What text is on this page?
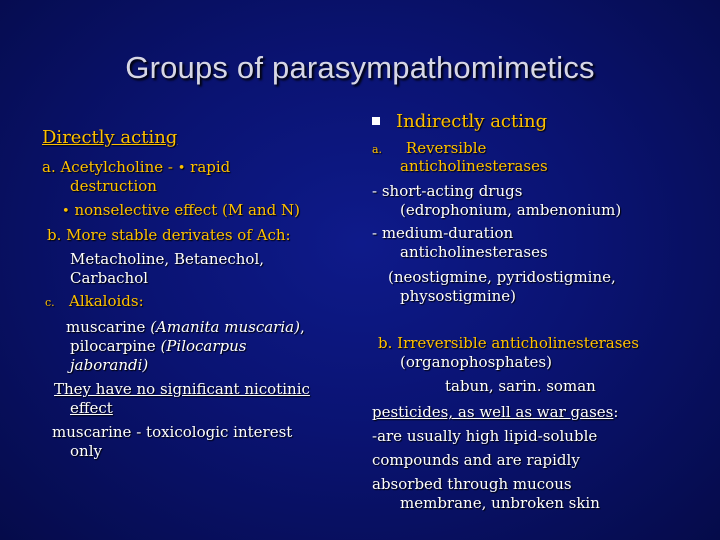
Groups of parasympathomimetics
Directly acting
a. Acetylcholine - • rapid
destruction
• nonselective effect (M and N)
b. More stable derivates of Ach:
Metacholine, Betanechol,
Carbachol
c. Alkaloids:
muscarine (Amanita muscaria),
pilocarpine (Pilocarpus
jaborandi)
They have no significant nicotinic
effect
muscarine - toxicologic interest
only
Indirectly acting
a. Reversible
anticholinesterases
- short-acting drugs
(edrophonium, ambenonium)
- medium-duration
anticholinesterases
(neostigmine, pyridostigmine,
physostigmine)
b. Irreversible anticholinesterases
(organophosphates)
tabun, sarin. soman
pesticides, as well as war gases:
-are usually high lipid-soluble
compounds and are rapidly
absorbed through mucous
membrane, unbroken skin
